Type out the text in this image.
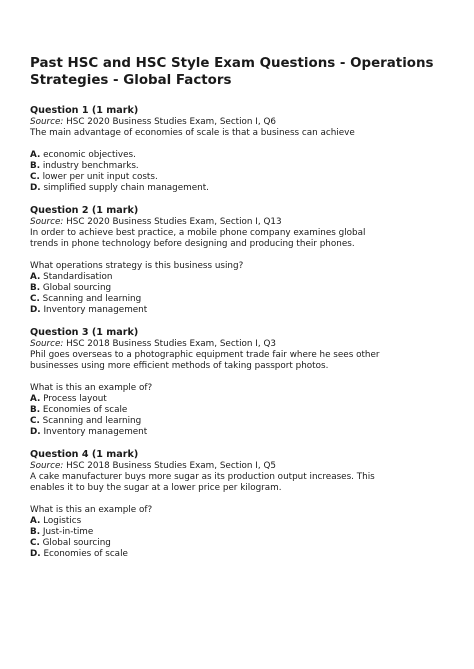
Past HSC and HSC Style Exam Questions - Operations
Strategies - Global Factors
Question 1 (1 mark)
Source: HSC 2020 Business Studies Exam, Section I, Q6
The main advantage of economies of scale is that a business can achieve
A. economic objectives.
B. industry benchmarks.
C. lower per unit input costs.
D. simplified supply chain management.
Question 2 (1 mark)
Source: HSC 2020 Business Studies Exam, Section I, Q13
In order to achieve best practice, a mobile phone company examines global
trends in phone technology before designing and producing their phones.
What operations strategy is this business using?
A. Standardisation
B. Global sourcing
C. Scanning and learning
D. Inventory management
Question 3 (1 mark)
Source: HSC 2018 Business Studies Exam, Section I, Q3
Phil goes overseas to a photographic equipment trade fair where he sees other
businesses using more efficient methods of taking passport photos.
What is this an example of?
A. Process layout
B. Economies of scale
C. Scanning and learning
D. Inventory management
Question 4 (1 mark)
Source: HSC 2018 Business Studies Exam, Section I, Q5
A cake manufacturer buys more sugar as its production output increases. This
enables it to buy the sugar at a lower price per kilogram.
What is this an example of?
A. Logistics
B. Just-in-time
C. Global sourcing
D. Economies of scale
